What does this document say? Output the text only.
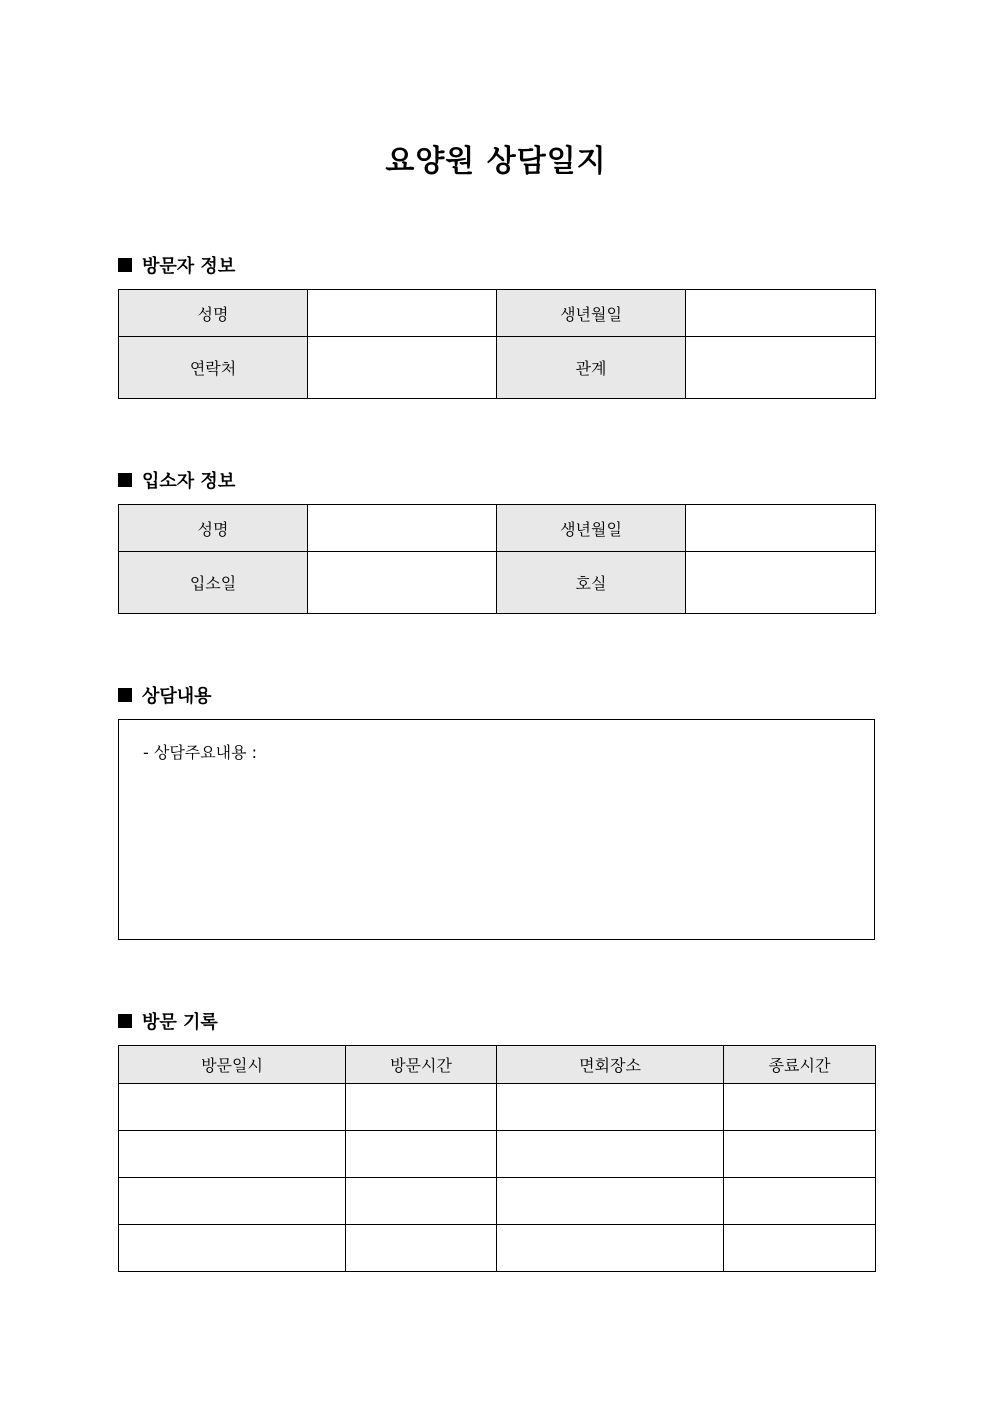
요양원 상담일지
방문자 정보
성명		생년월일	
연락처		관계	
입소자 정보
성명		생년월일	
입소일		호실	
상담내용
- 상담주요내용 :
방문 기록
방문일시	방문시간	면회장소	종료시간
